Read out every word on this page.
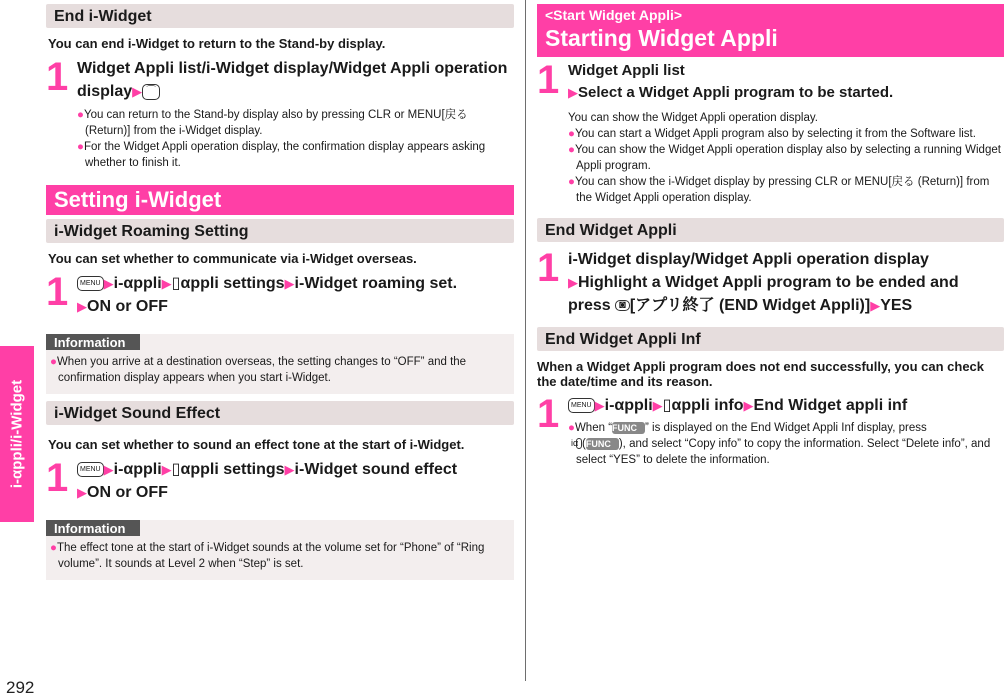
i-αppli/i-Widget
292
End i-Widget
You can end i-Widget to return to the Stand-by display.
1 Widget Appli list/i-Widget display/Widget Appli operation display▶ ⌒
●You can return to the Stand-by display also by pressing CLR or MENU[戻る (Return)] from the i-Widget display.
●For the Widget Appli operation display, the confirmation display appears asking whether to finish it.
Setting i-Widget
i-Widget Roaming Setting
You can set whether to communicate via i-Widget overseas.
1	MENU ▶i-αppli▶▯αppli settings▶i-Widget roaming set.
▶ON or OFF
Information
●When you arrive at a destination overseas, the setting changes to “OFF” and the confirmation display appears when you start i-Widget.
i-Widget Sound Effect
You can set whether to sound an effect tone at the start of i-Widget.
1	MENU ▶i-αppli▶▯αppli settings▶i-Widget sound effect
▶ON or OFF
Information
●The effect tone at the start of i-Widget sounds at the volume set for “Phone” of “Ring volume”. It sounds at Level 2 when “Step” is set.
<Start Widget Appli>
Starting Widget Appli
1 Widget Appli list
▶Select a Widget Appli program to be started.
You can show the Widget Appli operation display.
●You can start a Widget Appli program also by selecting it from the Software list.
●You can show the Widget Appli operation display also by selecting a running Widget Appli program.
●You can show the i-Widget display by pressing CLR or MENU[戻る (Return)] from the Widget Appli operation display.
End Widget Appli
1 i-Widget display/Widget Appli operation display
▶Highlight a Widget Appli program to be ended and
press ◙ [アプリ終了 (END Widget Appli)]▶YES
End Widget Appli Inf
When a Widget Appli program does not end successfully, you can check the date/time and its reason.
1	MENU ▶i-αppli▶▯αppli info▶End Widget appli inf
●When “FUNC ” is displayed on the End Widget Appli Inf display, press
iα (FUNC ), and select “Copy info” to copy the information. Select “Delete info”, and select “YES” to delete the information.
